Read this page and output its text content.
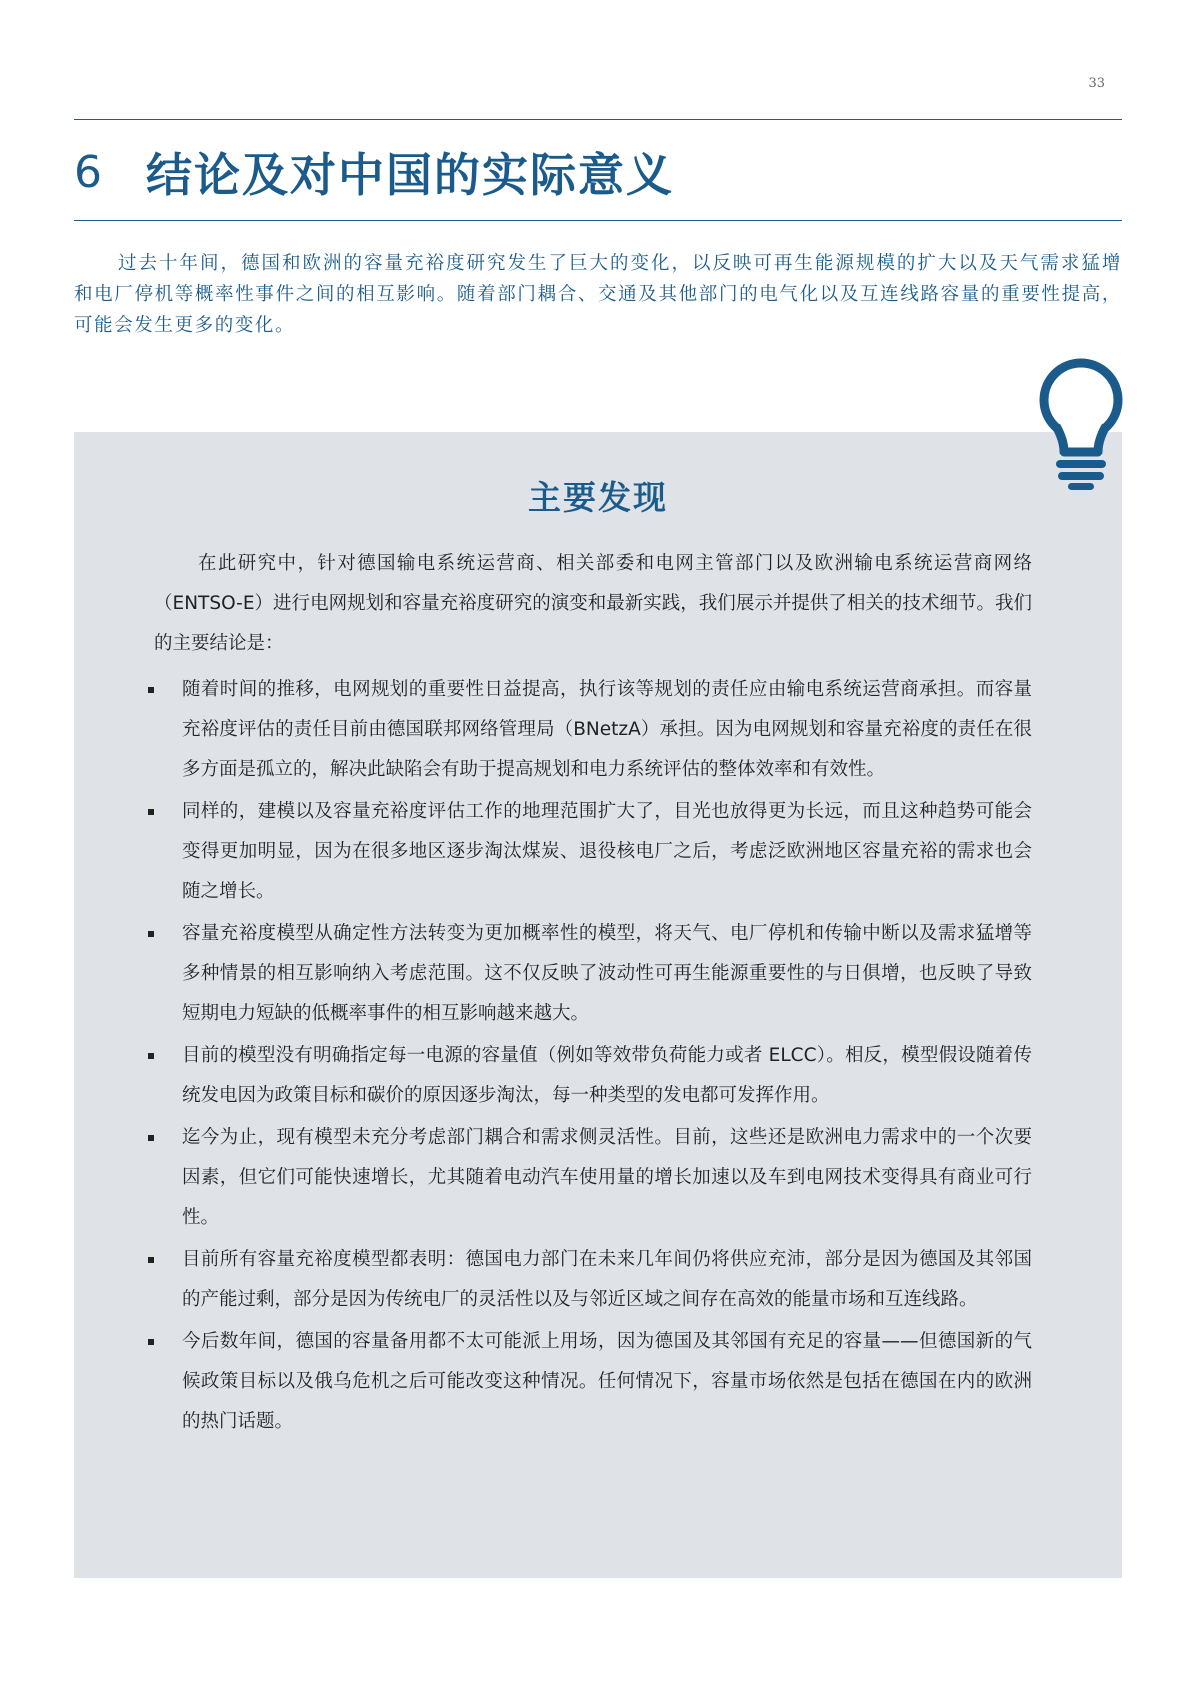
33
6 结论及对中国的实际意义

过去十年间，德国和欧洲的容量充裕度研究发生了巨大的变化，以反映可再生能源规模的扩大以及天气需求猛增和电厂停机等概率性事件之间的相互影响。随着部门耦合、交通及其他部门的电气化以及互连线路容量的重要性提高，可能会发生更多的变化。

主要发现

在此研究中，针对德国输电系统运营商、相关部委和电网主管部门以及欧洲输电系统运营商网络（ENTSO-E）进行电网规划和容量充裕度研究的演变和最新实践，我们展示并提供了相关的技术细节。我们的主要结论是：

随着时间的推移，电网规划的重要性日益提高，执行该等规划的责任应由输电系统运营商承担。而容量充裕度评估的责任目前由德国联邦网络管理局（BNetzA）承担。因为电网规划和容量充裕度的责任在很多方面是孤立的，解决此缺陷会有助于提高规划和电力系统评估的整体效率和有效性。
同样的，建模以及容量充裕度评估工作的地理范围扩大了，目光也放得更为长远，而且这种趋势可能会变得更加明显，因为在很多地区逐步淘汰煤炭、退役核电厂之后，考虑泛欧洲地区容量充裕的需求也会随之增长。
容量充裕度模型从确定性方法转变为更加概率性的模型，将天气、电厂停机和传输中断以及需求猛增等多种情景的相互影响纳入考虑范围。这不仅反映了波动性可再生能源重要性的与日俱增，也反映了导致短期电力短缺的低概率事件的相互影响越来越大。
目前的模型没有明确指定每一电源的容量值（例如等效带负荷能力或者 ELCC）。相反，模型假设随着传统发电因为政策目标和碳价的原因逐步淘汰，每一种类型的发电都可发挥作用。
迄今为止，现有模型未充分考虑部门耦合和需求侧灵活性。目前，这些还是欧洲电力需求中的一个次要因素，但它们可能快速增长，尤其随着电动汽车使用量的增长加速以及车到电网技术变得具有商业可行性。
目前所有容量充裕度模型都表明：德国电力部门在未来几年间仍将供应充沛，部分是因为德国及其邻国的产能过剩，部分是因为传统电厂的灵活性以及与邻近区域之间存在高效的能量市场和互连线路。
今后数年间，德国的容量备用都不太可能派上用场，因为德国及其邻国有充足的容量——但德国新的气候政策目标以及俄乌危机之后可能改变这种情况。任何情况下，容量市场依然是包括在德国在内的欧洲的热门话题。
